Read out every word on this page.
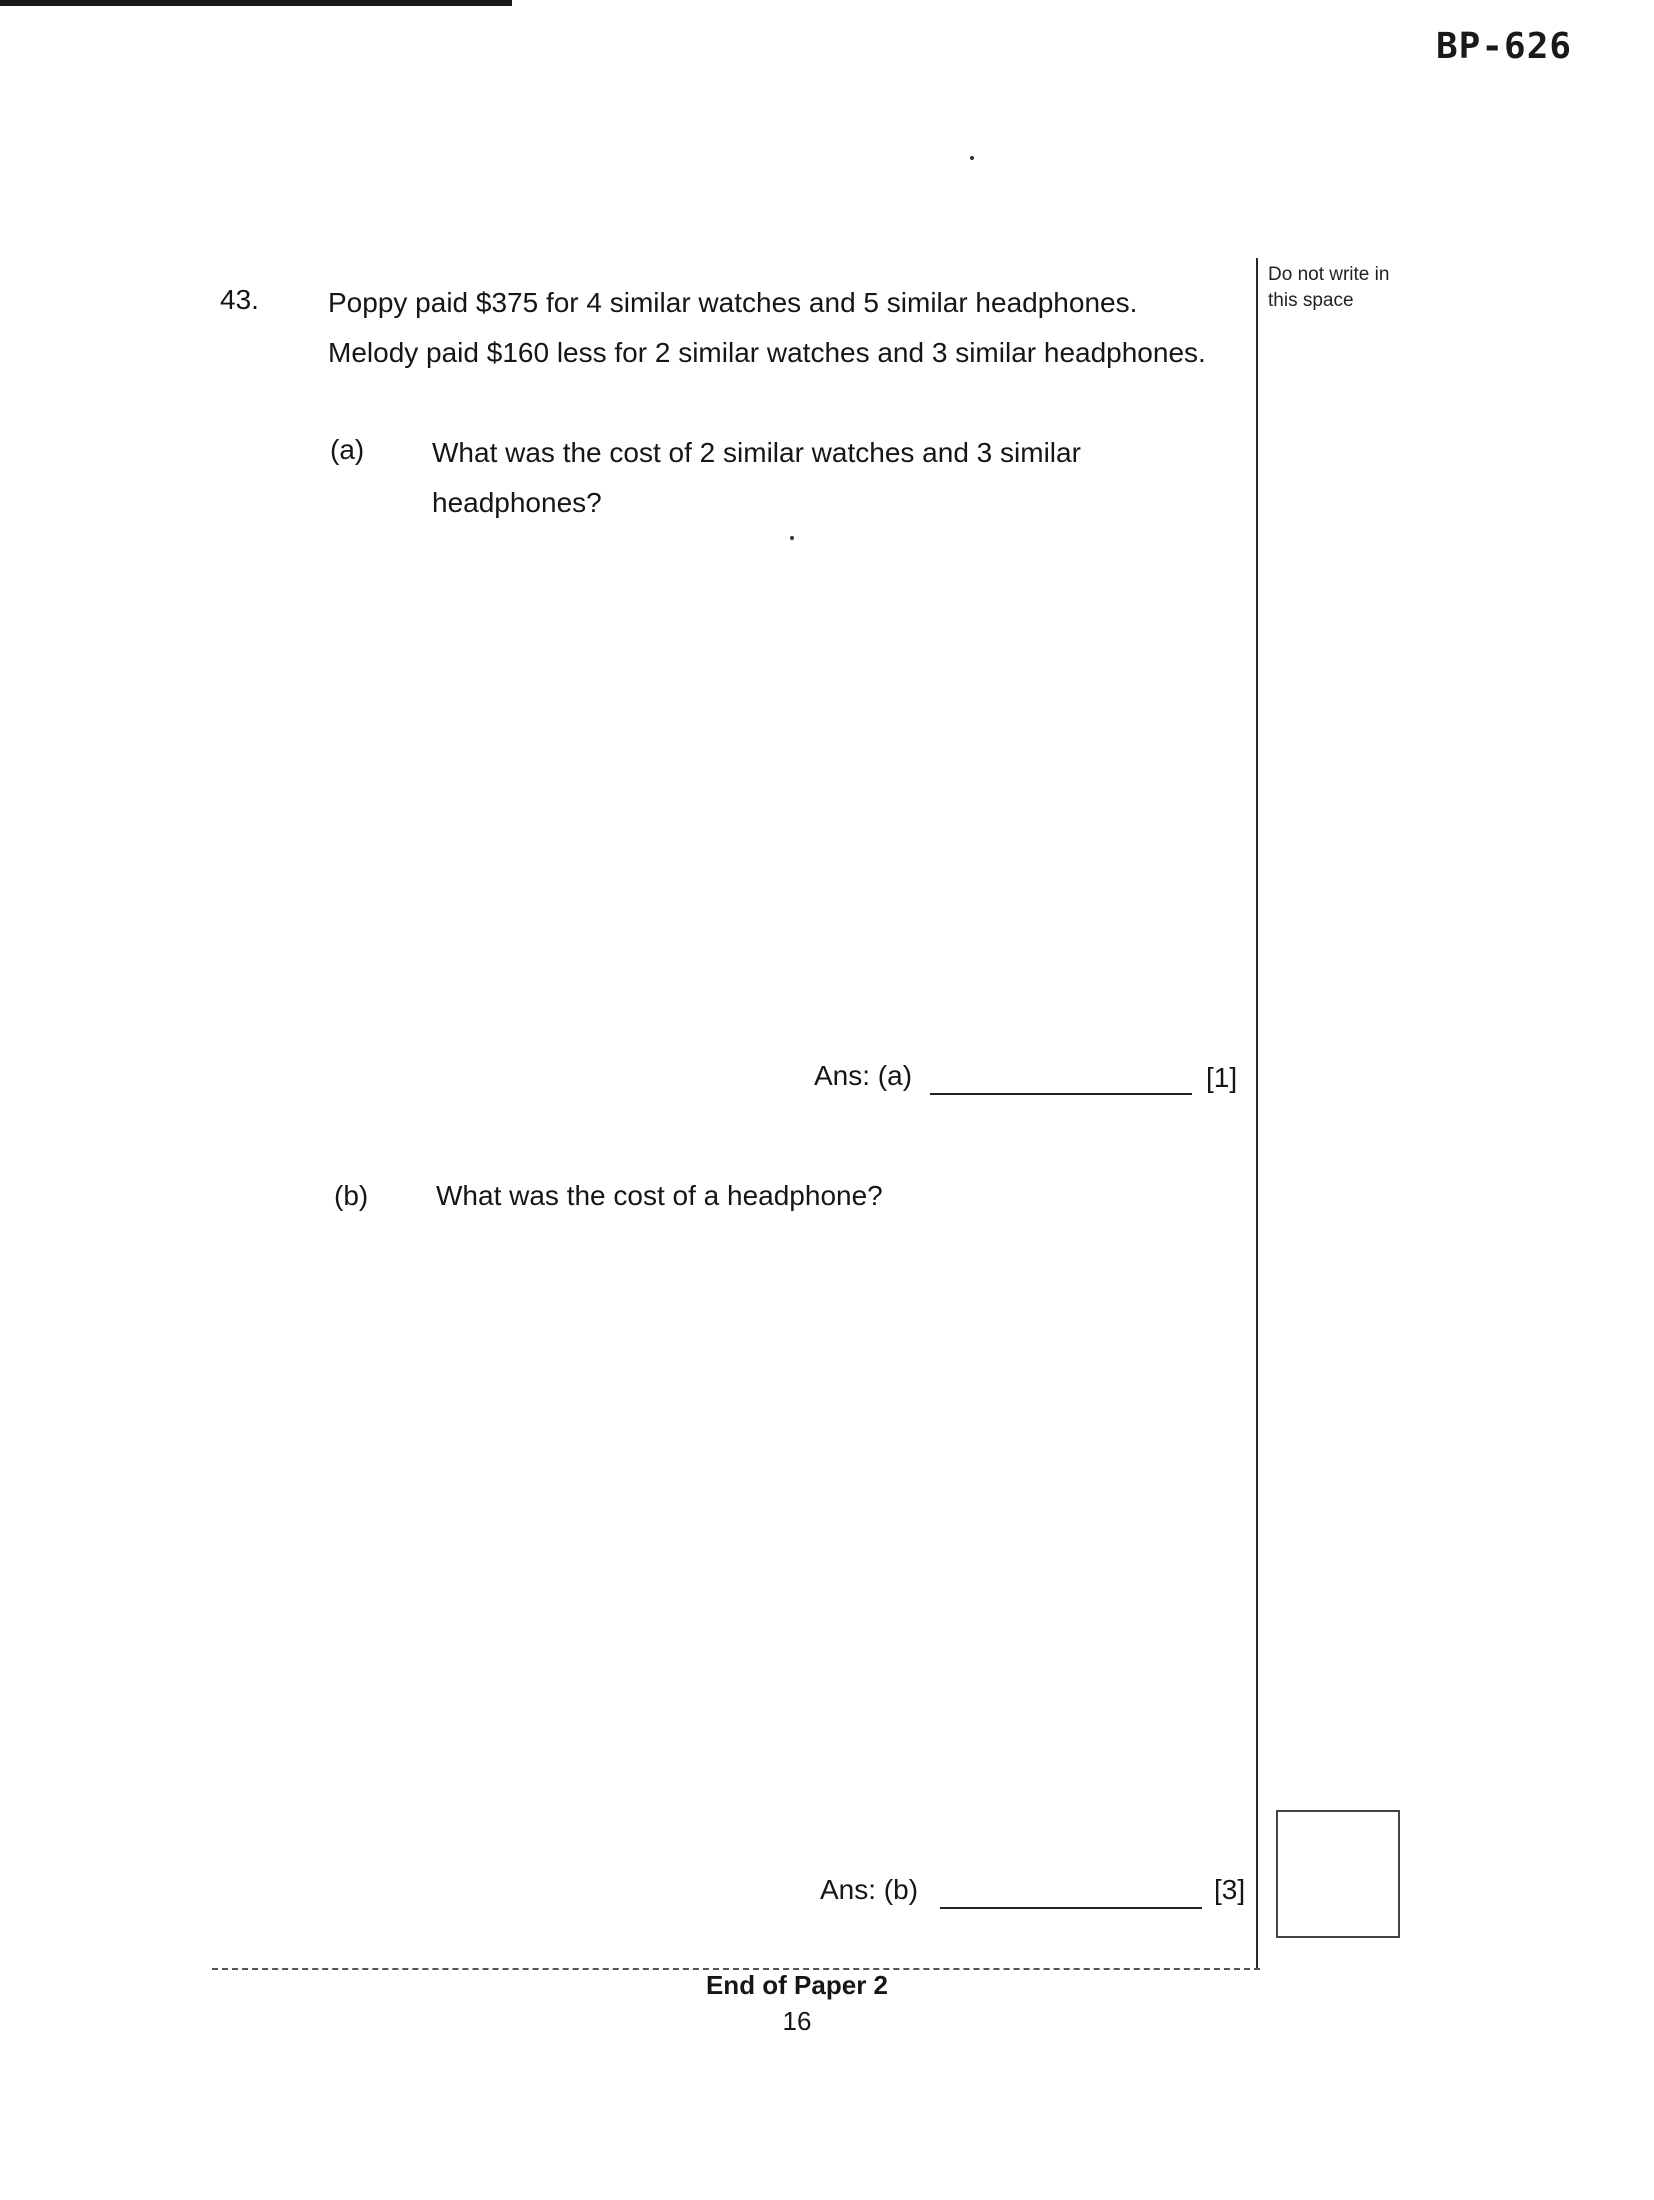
BP-626
Do not write in this space
43. Poppy paid $375 for 4 similar watches and 5 similar headphones.
Melody paid $160 less for 2 similar watches and 3 similar headphones.
(a) What was the cost of 2 similar watches and 3 similar headphones?
Ans: (a)	[1]
(b) What was the cost of a headphone?
Ans: (b)	[3]
End of Paper 2
16
